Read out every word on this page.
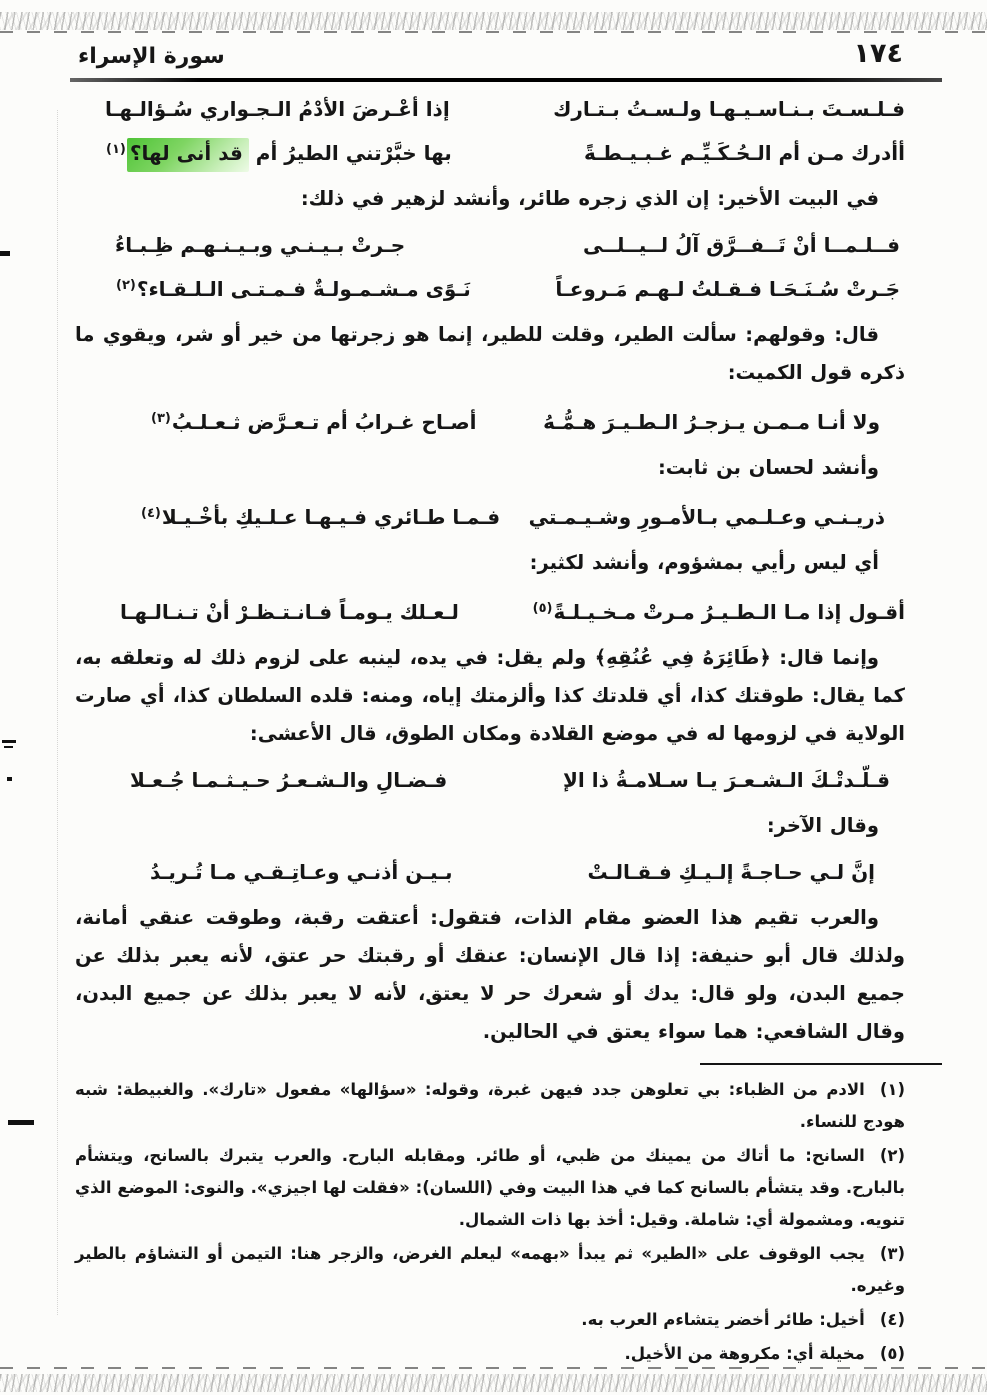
سورة الإسراء	١٧٤
فـلـسـتَ بـنـاسـيـهـا ولـسـتُ بـتـارك
إذا أعْـرضَ الأدْمُ الـجـواري سُـؤالـهـا
أأدرك مـن أم الـحُـكَـيِّـم غـبـيـطـةً
بها خبَّرْتني الطيرُ أم قد أنى لها؟$^{(١)}$

في البيت الأخير: إن الذي زجره طائر، وأنشد لزهير في ذلك:

فــلـمــا أنْ تَــفــرَّق آلُ لــيــلــى
جـرتْ بـيـنـي وبـيـنـهـم ظِـبـاءُ
جَـرتْ سُـنَـحَـا فـقـلتُ لـهـم مَـروعـاً
نَـوًى مـشـمـولـةٌ فـمـتـى الـلـقـاء؟$^{(٢)}$

قال: وقولهم: سألت الطير، وقلت للطير، إنما هو زجرتها من خير أو شر، ويقوي ما ذكره قول الكميت:

ولا أنـا مـمـن يـزجـرُ الـطـيـرَ هـمُّـهُ
أصـاح غـرابُ أم تـعـرَّض ثـعـلـبُ$^{(٣)}$

وأنشد لحسان بن ثابت:

ذريـنـي وعـلـمي بـالأمـورِ وشـيـمـتي
فـمـا طـائري فـيـهـا عـلـيكِ بأخْـيـلا$^{(٤)}$

أي ليس رأيي بمشؤوم، وأنشد لكثير:

أقـول إذا مـا الـطـيـرُ مـرتْ مـخـيـلـةً$^{(٥)}$
لـعـلك يـومـاً فـانـتـظـرْ أنْ تـنـالـهـا

وإنما قال: ﴿طَائِرَهُ فِي عُنُقِهِ﴾ ولم يقل: في يده، لينبه على لزوم ذلك له وتعلقه به، كما يقال: طوقتك كذا، أي قلدتك كذا وألزمتك إياه، ومنه: قلده السلطان كذا، أي صارت الولاية في لزومها له في موضع القلادة ومكان الطوق، قال الأعشى:

قـلّـدتْـكَ الـشـعـرَ يـا سـلامـةُ ذا الإ
فـضـالِ والـشـعـرُ حـيـثـمـا جُـعـلا

وقال الآخر:

إنَّ لـي حـاجـةً إلـيـكِ فـقـالـتْ
بـيـن أذنـي وعـاتِـقـي مـا تُـريـدُ

والعرب تقيم هذا العضو مقام الذات، فتقول: أعتقت رقبة، وطوقت عنقي أمانة، ولذلك قال أبو حنيفة: إذا قال الإنسان: عنقك أو رقبتك حر عتق، لأنه يعبر بذلك عن جميع البدن، ولو قال: يدك أو شعرك حر لا يعتق، لأنه لا يعبر بذلك عن جميع البدن، وقال الشافعي: هما سواء يعتق في الحالين.

(١)الادم من الظباء: بي تعلوهن جدد فيهن غبرة، وقوله: «سؤالها» مفعول «تارك». والغبيطة: شبه هودج للنساء.

(٢)السانح: ما أتاك من يمينك من ظبي، أو طائر. ومقابله البارح. والعرب يتبرك بالسانح، ويتشأم بالبارح. وقد يتشأم بالسانح كما في هذا البيت وفي (اللسان): «فقلت لها اجيزي». والنوى: الموضع الذي تنويه. ومشمولة أي: شاملة. وقيل: أخذ بها ذات الشمال.

(٣)يجب الوقوف على «الطير» ثم يبدأ «بهمه» ليعلم الغرض، والزجر هنا: التيمن أو التشاؤم بالطير وغيره.

(٤)أخيل: طائر أخضر يتشاءم العرب به.

(٥)مخيلة أي: مكروهة من الأخيل.
